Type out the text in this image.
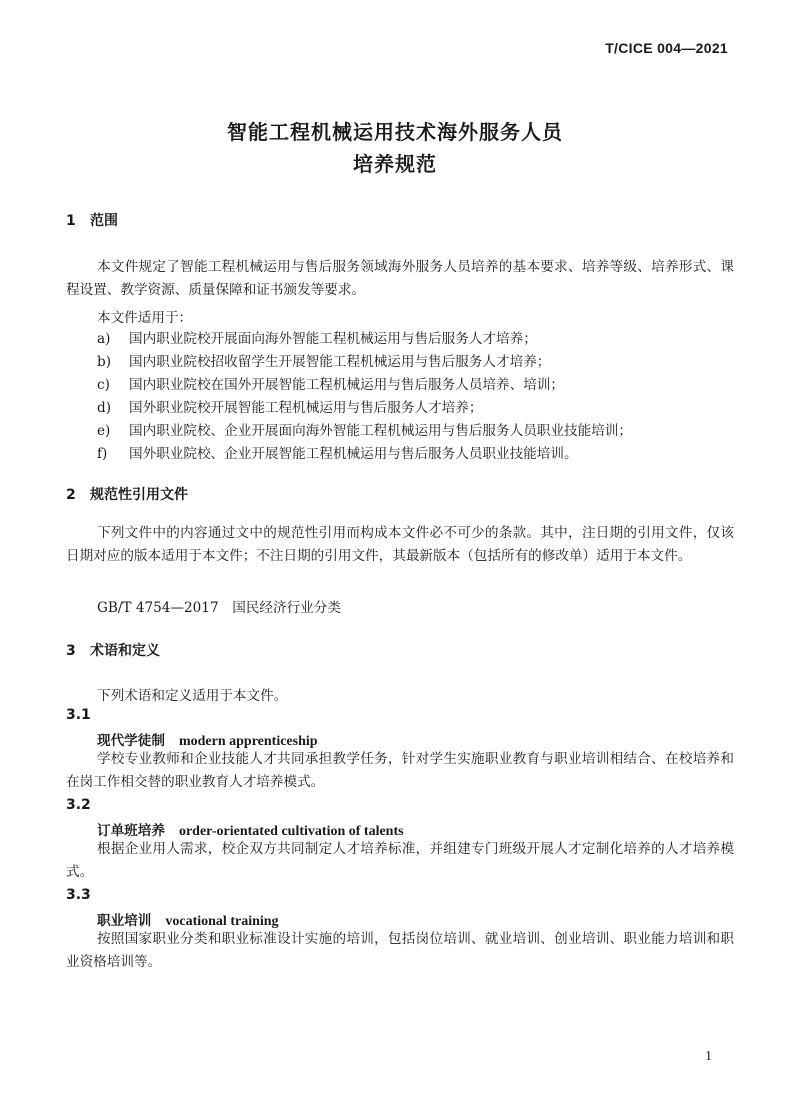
T/CICE 004—2021
智能工程机械运用技术海外服务人员
培养规范
1 范围
本文件规定了智能工程机械运用与售后服务领域海外服务人员培养的基本要求、培养等级、培养形式、课程设置、教学资源、质量保障和证书颁发等要求。
本文件适用于：
a) 国内职业院校开展面向海外智能工程机械运用与售后服务人才培养；
b) 国内职业院校招收留学生开展智能工程机械运用与售后服务人才培养；
c) 国内职业院校在国外开展智能工程机械运用与售后服务人员培养、培训；
d) 国外职业院校开展智能工程机械运用与售后服务人才培养；
e) 国内职业院校、企业开展面向海外智能工程机械运用与售后服务人员职业技能培训；
f) 国外职业院校、企业开展智能工程机械运用与售后服务人员职业技能培训。
2 规范性引用文件
下列文件中的内容通过文中的规范性引用而构成本文件必不可少的条款。其中，注日期的引用文件，仅该日期对应的版本适用于本文件；不注日期的引用文件，其最新版本（包括所有的修改单）适用于本文件。
GB/T 4754—2017　国民经济行业分类
3 术语和定义
下列术语和定义适用于本文件。
3.1
现代学徒制 modern apprenticeship
学校专业教师和企业技能人才共同承担教学任务，针对学生实施职业教育与职业培训相结合、在校培养和在岗工作相交替的职业教育人才培养模式。
3.2
订单班培养 order-orientated cultivation of talents
根据企业用人需求，校企双方共同制定人才培养标准，并组建专门班级开展人才定制化培养的人才培养模式。
3.3
职业培训 vocational training
按照国家职业分类和职业标准设计实施的培训，包括岗位培训、就业培训、创业培训、职业能力培训和职业资格培训等。
1
